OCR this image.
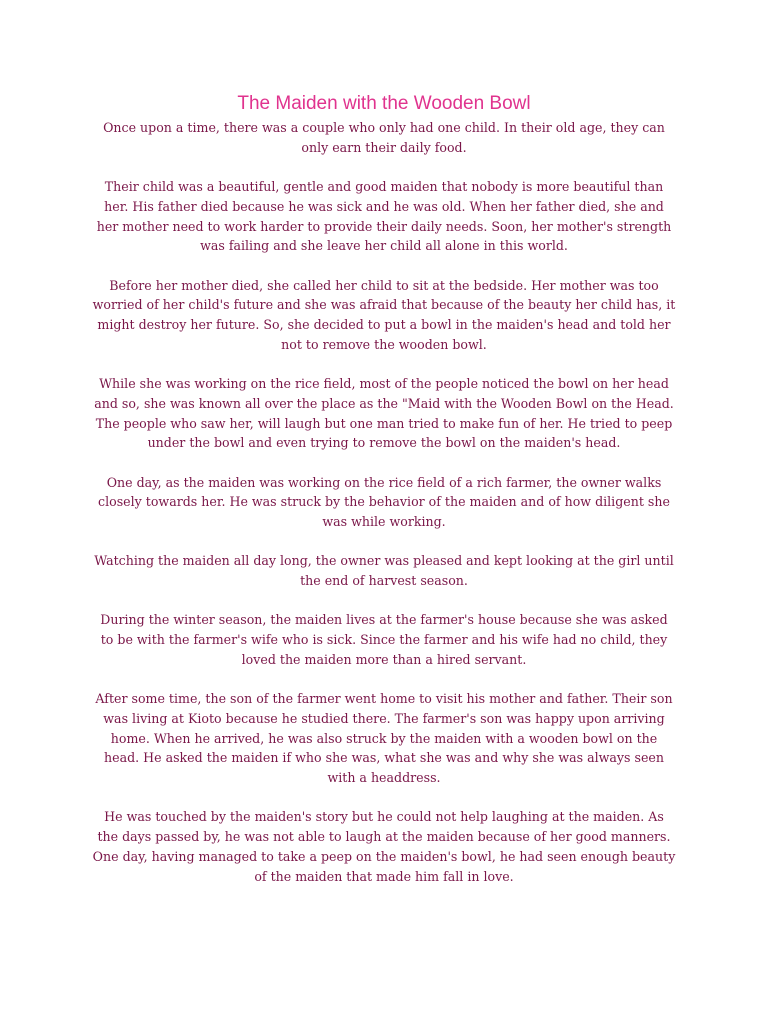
The Maiden with the Wooden Bowl

Once upon a time, there was a couple who only had one child. In their old age, they can only earn their daily food.

Their child was a beautiful, gentle and good maiden that nobody is more beautiful than her. His father died because he was sick and he was old. When her father died, she and her mother need to work harder to provide their daily needs. Soon, her mother's strength was failing and she leave her child all alone in this world.

Before her mother died, she called her child to sit at the bedside. Her mother was too worried of her child's future and she was afraid that because of the beauty her child has, it might destroy her future. So, she decided to put a bowl in the maiden's head and told her not to remove the wooden bowl.

While she was working on the rice field, most of the people noticed the bowl on her head and so, she was known all over the place as the "Maid with the Wooden Bowl on the Head. The people who saw her, will laugh but one man tried to make fun of her. He tried to peep under the bowl and even trying to remove the bowl on the maiden's head.

One day, as the maiden was working on the rice field of a rich farmer, the owner walks closely towards her. He was struck by the behavior of the maiden and of how diligent she was while working.

Watching the maiden all day long, the owner was pleased and kept looking at the girl until the end of harvest season.

During the winter season, the maiden lives at the farmer's house because she was asked to be with the farmer's wife who is sick. Since the farmer and his wife had no child, they loved the maiden more than a hired servant.

After some time, the son of the farmer went home to visit his mother and father. Their son was living at Kioto because he studied there. The farmer's son was happy upon arriving home. When he arrived, he was also struck by the maiden with a wooden bowl on the head. He asked the maiden if who she was, what she was and why she was always seen with a headdress.

He was touched by the maiden's story but he could not help laughing at the maiden. As the days passed by, he was not able to laugh at the maiden because of her good manners. One day, having managed to take a peep on the maiden's bowl, he had seen enough beauty of the maiden that made him fall in love.
